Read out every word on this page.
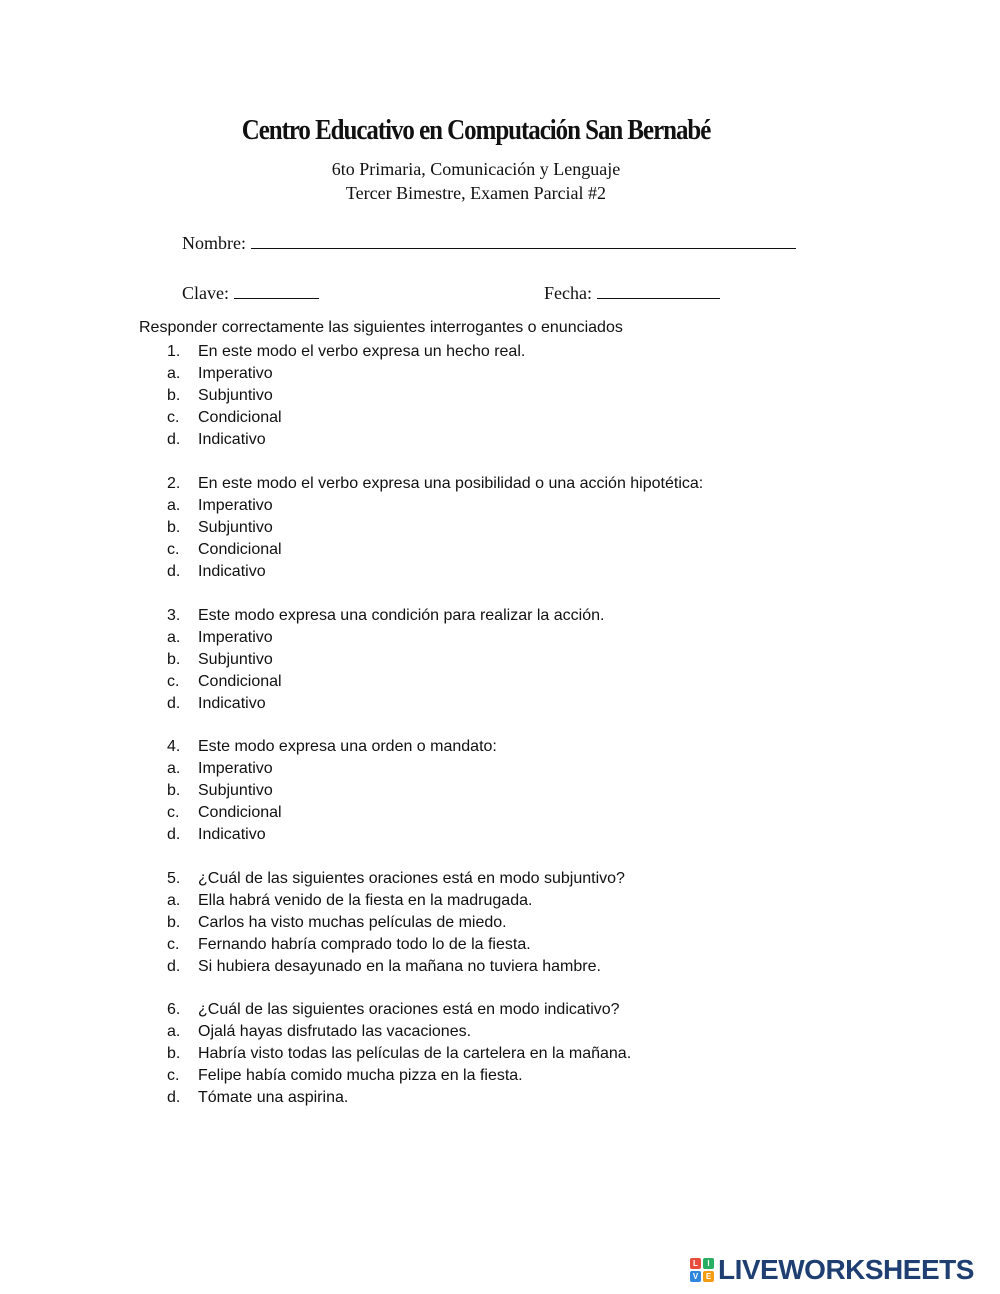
Centro Educativo en Computación San Bernabé
6to Primaria, Comunicación y Lenguaje
Tercer Bimestre, Examen Parcial #2
Nombre:
Clave:	Fecha:
Responder correctamente las siguientes interrogantes o enunciados
1.	En este modo el verbo expresa un hecho real.
a.	Imperativo
b.	Subjuntivo
c.	Condicional
d.	Indicativo
2.	En este modo el verbo expresa una posibilidad o una acción hipotética:
a.	Imperativo
b.	Subjuntivo
c.	Condicional
d.	Indicativo
3.	Este modo expresa una condición para realizar la acción.
a.	Imperativo
b.	Subjuntivo
c.	Condicional
d.	Indicativo
4.	Este modo expresa una orden o mandato:
a.	Imperativo
b.	Subjuntivo
c.	Condicional
d.	Indicativo
5.	¿Cuál de las siguientes oraciones está en modo subjuntivo?
a.	Ella habrá venido de la fiesta en la madrugada.
b.	Carlos ha visto muchas películas de miedo.
c.	Fernando habría comprado todo lo de la fiesta.
d.	Si hubiera desayunado en la mañana no tuviera hambre.
6.	¿Cuál de las siguientes oraciones está en modo indicativo?
a.	Ojalá hayas disfrutado las vacaciones.
b.	Habría visto todas las películas de la cartelera en la mañana.
c.	Felipe había comido mucha pizza en la fiesta.
d.	Tómate una aspirina.
L	I
V E LIVEWORKSHEETS
